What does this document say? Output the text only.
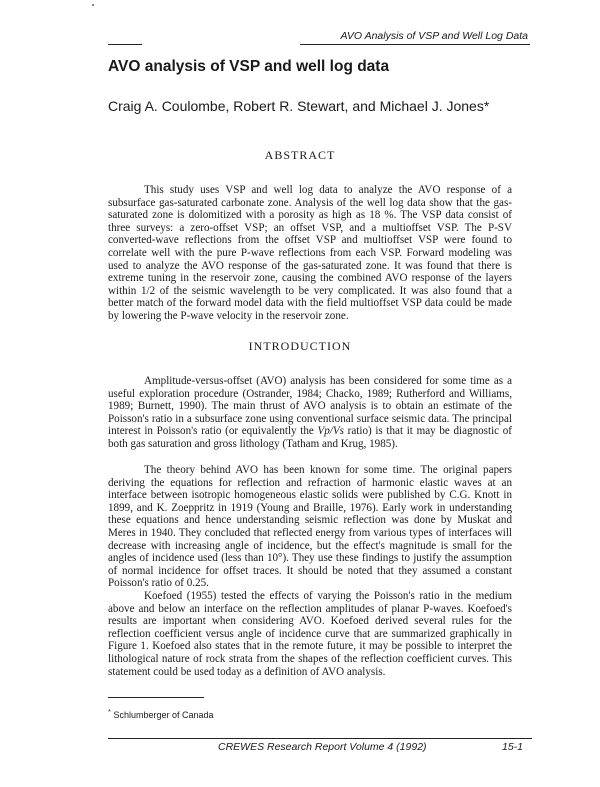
AVO Analysis of VSP and Well Log Data
AVO analysis of VSP and well log data
Craig A. Coulombe, Robert R. Stewart, and Michael J. Jones*
ABSTRACT
This study uses VSP and well log data to analyze the AVO response of a subsurface gas-saturated carbonate zone. Analysis of the well log data show that the gas-saturated zone is dolomitized with a porosity as high as 18 %. The VSP data consist of three surveys: a zero-offset VSP; an offset VSP, and a multioffset VSP. The P-SV converted-wave reflections from the offset VSP and multioffset VSP were found to correlate well with the pure P-wave reflections from each VSP. Forward modeling was used to analyze the AVO response of the gas-saturated zone. It was found that there is extreme tuning in the reservoir zone, causing the combined AVO response of the layers within 1/2 of the seismic wavelength to be very complicated. It was also found that a better match of the forward model data with the field multioffset VSP data could be made by lowering the P-wave velocity in the reservoir zone.
INTRODUCTION
Amplitude-versus-offset (AVO) analysis has been considered for some time as a useful exploration procedure (Ostrander, 1984; Chacko, 1989; Rutherford and Williams, 1989; Burnett, 1990). The main thrust of AVO analysis is to obtain an estimate of the Poisson's ratio in a subsurface zone using conventional surface seismic data. The principal interest in Poisson's ratio (or equivalently the Vp/Vs ratio) is that it may be diagnostic of both gas saturation and gross lithology (Tatham and Krug, 1985).
The theory behind AVO has been known for some time. The original papers deriving the equations for reflection and refraction of harmonic elastic waves at an interface between isotropic homogeneous elastic solids were published by C.G. Knott in 1899, and K. Zoeppritz in 1919 (Young and Braille, 1976). Early work in understanding these equations and hence understanding seismic reflection was done by Muskat and Meres in 1940. They concluded that reflected energy from various types of interfaces will decrease with increasing angle of incidence, but the effect's magnitude is small for the angles of incidence used (less than 10°). They use these findings to justify the assumption of normal incidence for offset traces. It should be noted that they assumed a constant Poisson's ratio of 0.25.
Koefoed (1955) tested the effects of varying the Poisson's ratio in the medium above and below an interface on the reflection amplitudes of planar P-waves. Koefoed's results are important when considering AVO. Koefoed derived several rules for the reflection coefficient versus angle of incidence curve that are summarized graphically in Figure 1. Koefoed also states that in the remote future, it may be possible to interpret the lithological nature of rock strata from the shapes of the reflection coefficient curves. This statement could be used today as a definition of AVO analysis.
* Schlumberger of Canada
CREWES Research Report Volume 4 (1992)	15-1
